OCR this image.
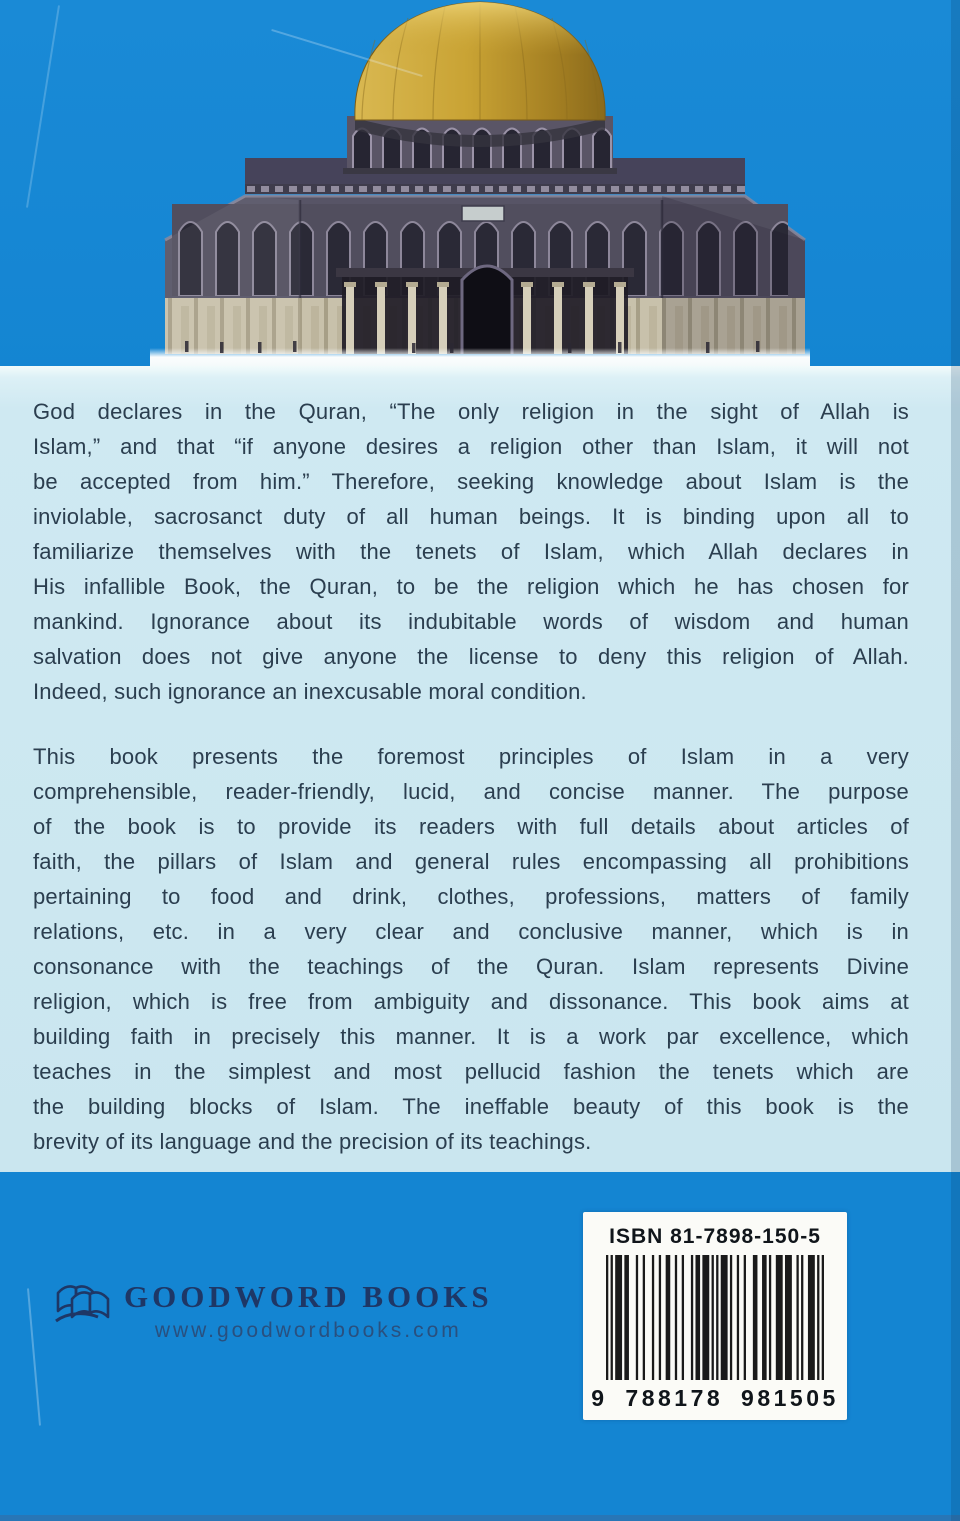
God declares in the Quran, “The only religion in the sight of Allah is
Islam,” and that “if anyone desires a religion other than Islam, it will not
be accepted from him.” Therefore, seeking knowledge about Islam is the
inviolable, sacrosanct duty of all human beings. It is binding upon all to
familiarize themselves with the tenets of Islam, which Allah declares in
His infallible Book, the Quran, to be the religion which he has chosen for
mankind. Ignorance about its indubitable words of wisdom and human
salvation does not give anyone the license to deny this religion of Allah.
Indeed, such ignorance an inexcusable moral condition.
This book presents the foremost principles of Islam in a very
comprehensible, reader-friendly, lucid, and concise manner. The purpose
of the book is to provide its readers with full details about articles of
faith, the pillars of Islam and general rules encompassing all prohibitions
pertaining to food and drink, clothes, professions, matters of family
relations, etc. in a very clear and conclusive manner, which is in
consonance with the teachings of the Quran. Islam represents Divine
religion, which is free from ambiguity and dissonance. This book aims at
building faith in precisely this manner. It is a work par excellence, which
teaches in the simplest and most pellucid fashion the tenets which are
the building blocks of Islam. The ineffable beauty of this book is the
brevity of its language and the precision of its teachings.
GOODWORD BOOKS
www.goodwordbooks.com
ISBN 81-7898-150-5
9 788178 981505
